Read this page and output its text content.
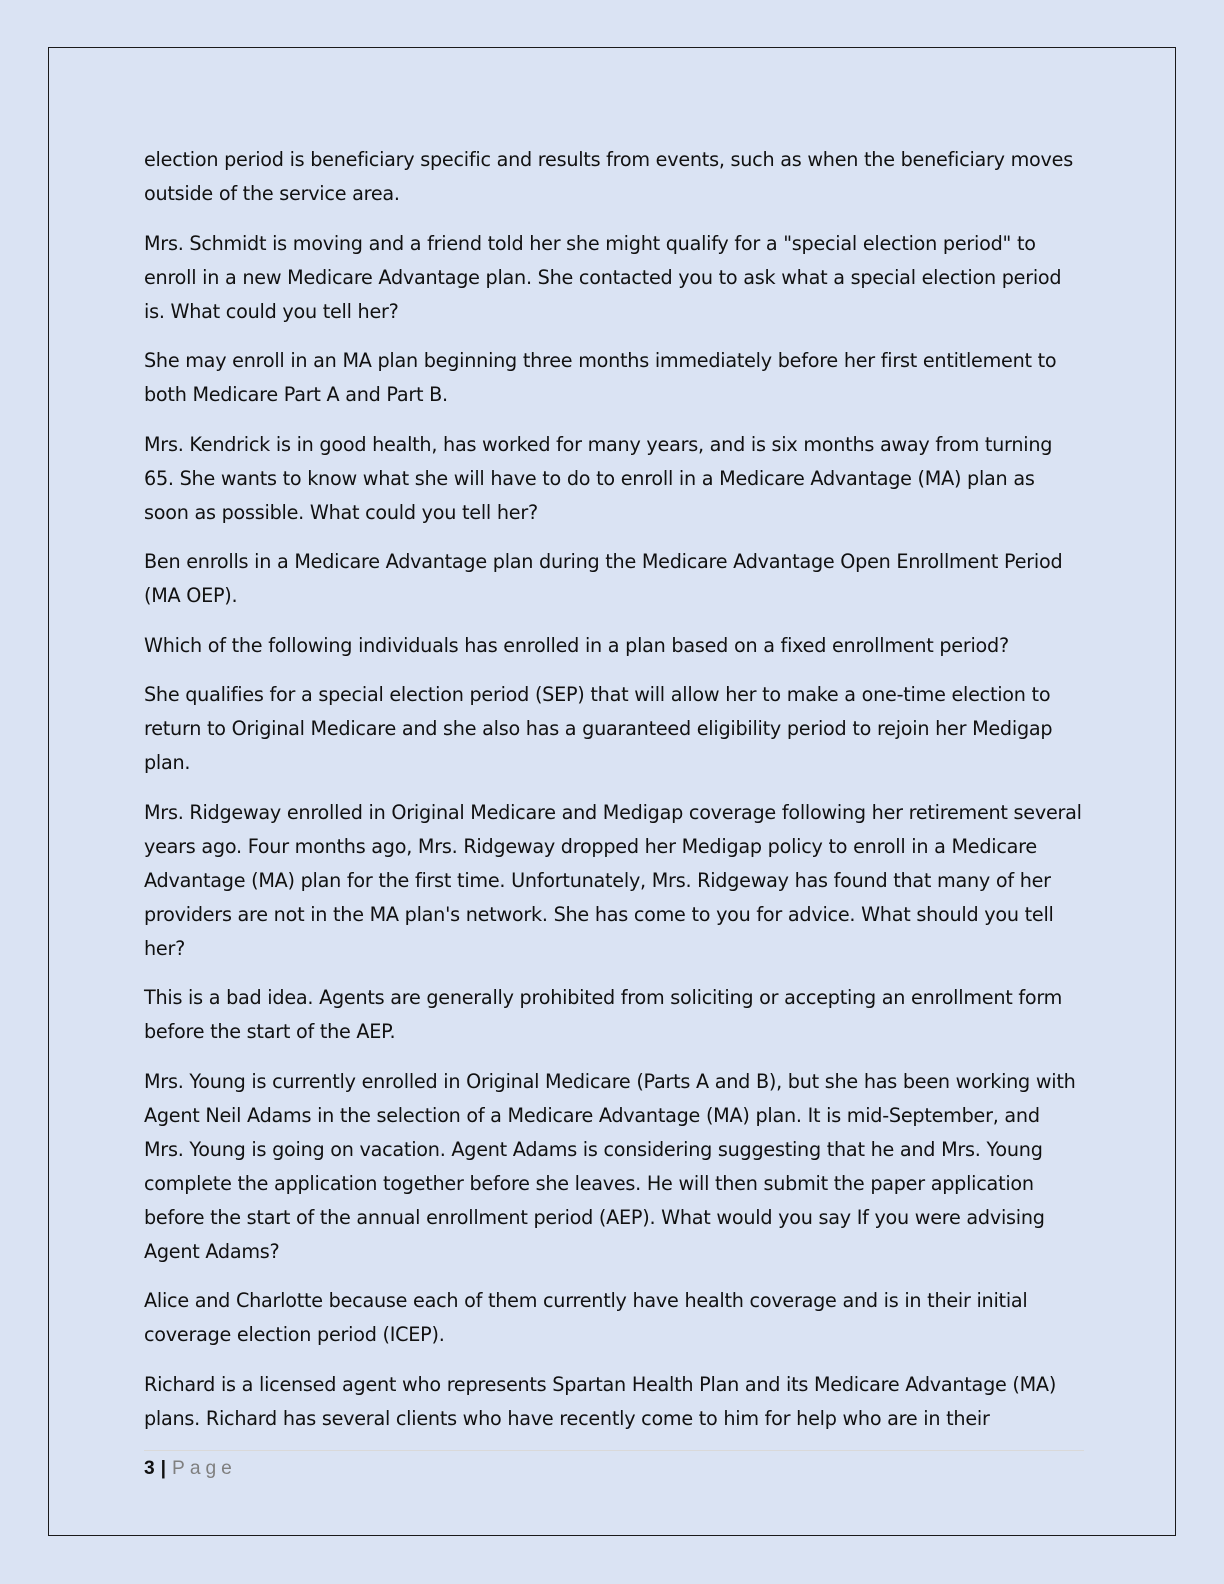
election period is beneficiary specific and results from events, such as when the beneficiary moves outside of the service area.

Mrs. Schmidt is moving and a friend told her she might qualify for a "special election period" to enroll in a new Medicare Advantage plan. She contacted you to ask what a special election period is. What could you tell her?

She may enroll in an MA plan beginning three months immediately before her first entitlement to both Medicare Part A and Part B.

Mrs. Kendrick is in good health, has worked for many years, and is six months away from turning 65. She wants to know what she will have to do to enroll in a Medicare Advantage (MA) plan as soon as possible. What could you tell her?

Ben enrolls in a Medicare Advantage plan during the Medicare Advantage Open Enrollment Period (MA OEP).

Which of the following individuals has enrolled in a plan based on a fixed enrollment period?

She qualifies for a special election period (SEP) that will allow her to make a one-time election to return to Original Medicare and she also has a guaranteed eligibility period to rejoin her Medigap plan.

Mrs. Ridgeway enrolled in Original Medicare and Medigap coverage following her retirement several years ago. Four months ago, Mrs. Ridgeway dropped her Medigap policy to enroll in a Medicare Advantage (MA) plan for the first time. Unfortunately, Mrs. Ridgeway has found that many of her providers are not in the MA plan's network. She has come to you for advice. What should you tell her?

This is a bad idea. Agents are generally prohibited from soliciting or accepting an enrollment form before the start of the AEP.

Mrs. Young is currently enrolled in Original Medicare (Parts A and B), but she has been working with Agent Neil Adams in the selection of a Medicare Advantage (MA) plan. It is mid-September, and Mrs. Young is going on vacation. Agent Adams is considering suggesting that he and Mrs. Young complete the application together before she leaves. He will then submit the paper application before the start of the annual enrollment period (AEP). What would you say If you were advising Agent Adams?

Alice and Charlotte because each of them currently have health coverage and is in their initial coverage election period (ICEP).

Richard is a licensed agent who represents Spartan Health Plan and its Medicare Advantage (MA) plans. Richard has several clients who have recently come to him for help who are in their

3 | Page
